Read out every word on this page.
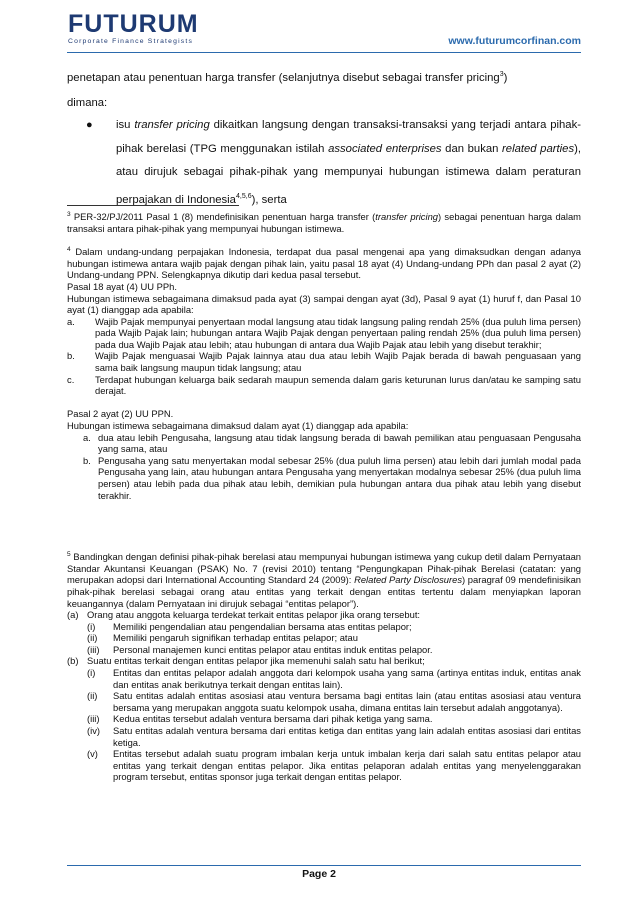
FUTURUM
Corporate Finance Strategists	www.futurumcorfinan.com
penetapan atau penentuan harga transfer (selanjutnya disebut sebagai transfer pricing$^3$)
dimana:
●	isu transfer pricing dikaitkan langsung dengan transaksi-transaksi yang terjadi antara pihak-pihak berelasi (TPG menggunakan istilah associated enterprises dan bukan related parties), atau dirujuk sebagai pihak-pihak yang mempunyai hubungan istimewa dalam peraturan perpajakan di Indonesia$^{4,5,6}$), serta

$^3$ PER-32/PJ/2011 Pasal 1 (8) mendefinisikan penentuan harga transfer (transfer pricing) sebagai penentuan harga dalam transaksi antara pihak-pihak yang mempunyai hubungan istimewa.

$^4$ Dalam undang-undang perpajakan Indonesia, terdapat dua pasal mengenai apa yang dimaksudkan dengan adanya hubungan istimewa antara wajib pajak dengan pihak lain, yaitu pasal 18 ayat (4) Undang-undang PPh dan pasal 2 ayat (2) Undang-undang PPN. Selengkapnya dikutip dari kedua pasal tersebut.

Pasal 18 ayat (4) UU PPh.

Hubungan istimewa sebagaimana dimaksud pada ayat (3) sampai dengan ayat (3d), Pasal 9 ayat (1) huruf f, dan Pasal 10 ayat (1) dianggap ada apabila:

a.	Wajib Pajak mempunyai penyertaan modal langsung atau tidak langsung paling rendah 25% (dua puluh lima persen) pada Wajib Pajak lain; hubungan antara Wajib Pajak dengan penyertaan paling rendah 25% (dua puluh lima persen) pada dua Wajib Pajak atau lebih; atau hubungan di antara dua Wajib Pajak atau lebih yang disebut terakhir;
b.	Wajib Pajak menguasai Wajib Pajak lainnya atau dua atau lebih Wajib Pajak berada di bawah penguasaan yang sama baik langsung maupun tidak langsung; atau
c.	Terdapat hubungan keluarga baik sedarah maupun semenda dalam garis keturunan lurus dan/atau ke samping satu derajat.

Pasal 2 ayat (2) UU PPN.

Hubungan istimewa sebagaimana dimaksud dalam ayat (1) dianggap ada apabila:

a. dua atau lebih Pengusaha, langsung atau tidak langsung berada di bawah pemilikan atau penguasaan Pengusaha yang sama, atau
b. Pengusaha yang satu menyertakan modal sebesar 25% (dua puluh lima persen) atau lebih dari jumlah modal pada Pengusaha yang lain, atau hubungan antara Pengusaha yang menyertakan modalnya sebesar 25% (dua puluh lima persen) atau lebih pada dua pihak atau lebih, demikian pula hubungan antara dua pihak atau lebih yang disebut terakhir.

$^5$ Bandingkan dengan definisi pihak-pihak berelasi atau mempunyai hubungan istimewa yang cukup detil dalam Pernyataan Standar Akuntansi Keuangan (PSAK) No. 7 (revisi 2010) tentang “Pengungkapan Pihak-pihak Berelasi (catatan: yang merupakan adopsi dari International Accounting Standard 24 (2009): Related Party Disclosures) paragraf 09 mendefinisikan pihak-pihak berelasi sebagai orang atau entitas yang terkait dengan entitas tertentu dalam menyiapkan laporan keuangannya (dalam Pernyataan ini dirujuk sebagai “entitas pelapor”).

(a) Orang atau anggota keluarga terdekat terkait entitas pelapor jika orang tersebut:
(i)	Memiliki pengendalian atau pengendalian bersama atas entitas pelapor;
(ii)	Memiliki pengaruh signifikan terhadap entitas pelapor; atau
(iii)	Personal manajemen kunci entitas pelapor atau entitas induk entitas pelapor.
(b) Suatu entitas terkait dengan entitas pelapor jika memenuhi salah satu hal berikut;
(i)	Entitas dan entitas pelapor adalah anggota dari kelompok usaha yang sama (artinya entitas induk, entitas anak dan entitas anak berikutnya terkait dengan entitas lain).
(ii)	Satu entitas adalah entitas asosiasi atau ventura bersama bagi entitas lain (atau entitas asosiasi atau ventura bersama yang merupakan anggota suatu kelompok usaha, dimana entitas lain tersebut adalah anggotanya).
(iii)	Kedua entitas tersebut adalah ventura bersama dari pihak ketiga yang sama.
(iv)	Satu entitas adalah ventura bersama dari entitas ketiga dan entitas yang lain adalah entitas asosiasi dari entitas ketiga.
(v)	Entitas tersebut adalah suatu program imbalan kerja untuk imbalan kerja dari salah satu entitas pelapor atau entitas yang terkait dengan entitas pelapor. Jika entitas pelaporan adalah entitas yang menyelenggarakan program tersebut, entitas sponsor juga terkait dengan entitas pelapor.
Page 2
